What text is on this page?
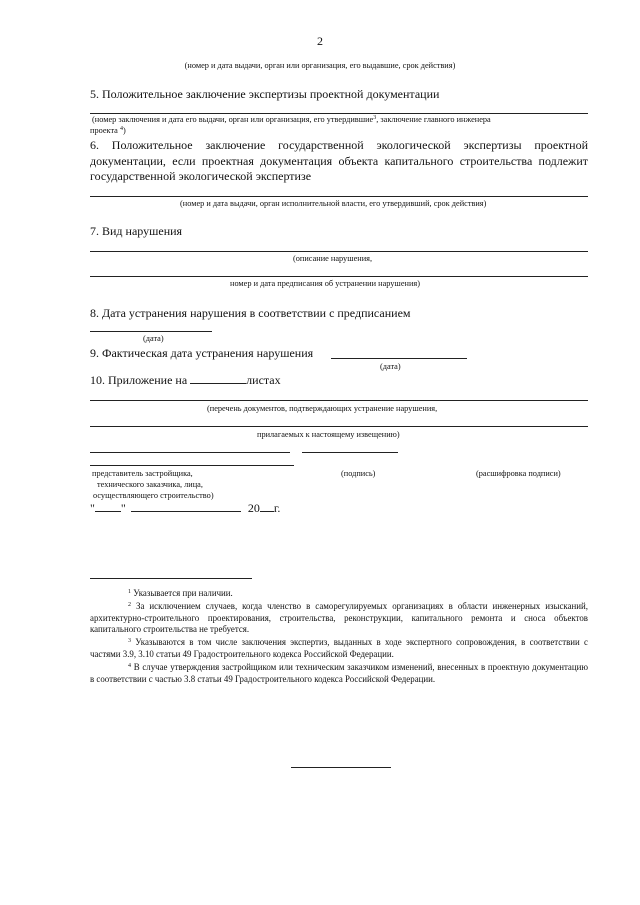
2
(номер и дата выдачи, орган или организация, его выдавшие, срок действия)
5. Положительное заключение экспертизы проектной документации
(номер заключения и дата его выдачи, орган или организация, его утвердившие$^3$, заключение главного инженера
проекта $^4$)
6. Положительное заключение государственной экологической экспертизы проектной документации, если проектная документация объекта капитального строительства подлежит государственной экологической экспертизе
(номер и дата выдачи, орган исполнительной власти, его утвердивший, срок действия)
7. Вид нарушения
(описание нарушения,
номер и дата предписания об устранении нарушения)
8. Дата устранения нарушения в соответствии с предписанием
(дата)
9. Фактическая дата устранения нарушения
(дата)
10. Приложение на	листах
(перечень документов, подтверждающих устранение нарушения,
прилагаемых к настоящему извещению)
представитель застройщика,
технического заказчика, лица,
осуществляющего строительство)
(подпись)	(расшифровка подписи)
" "	20 г.
$^1$ Указывается при наличии.
$^2$ За исключением случаев, когда членство в саморегулируемых организациях в области инженерных изысканий, архитектурно-строительного проектирования, строительства, реконструкции, капитального ремонта и сноса объектов капитального строительства не требуется.
$^3$ Указываются в том числе заключения экспертиз, выданных в ходе экспертного сопровождения, в соответствии с частями 3.9, 3.10 статьи 49 Градостроительного кодекса Российской Федерации.
$^4$ В случае утверждения застройщиком или техническим заказчиком изменений, внесенных в проектную документацию в соответствии с частью 3.8 статьи 49 Градостроительного кодекса Российской Федерации.
